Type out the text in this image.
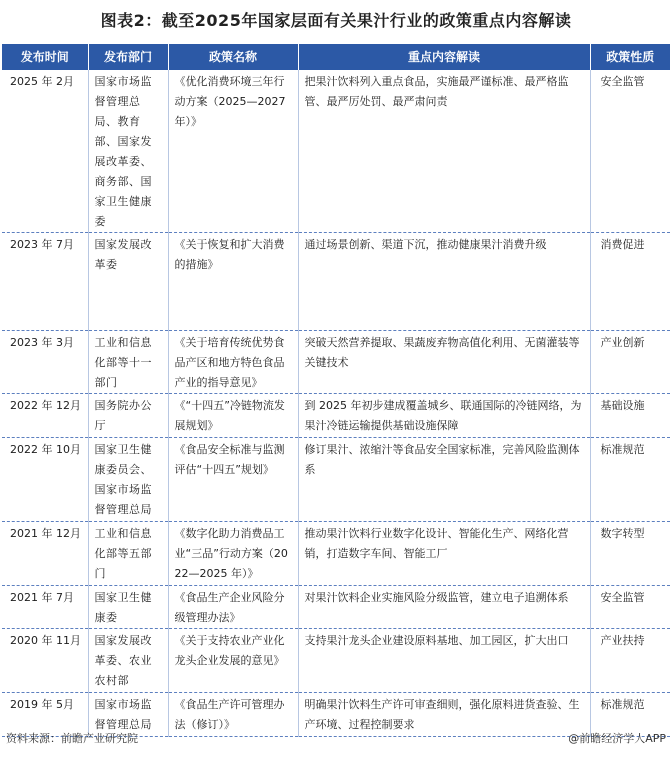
图表2：截至2025年国家层面有关果汁行业的政策重点内容解读
发布时间	发布部门	政策名称	重点内容解读	政策性质
2025 年 2月	国家市场监督管理总局、教育部、国家发展改革委、商务部、国家卫生健康委	《优化消费环境三年行动方案（2025—2027年）》	把果汁饮料列入重点食品，实施最严谨标准、最严格监管、最严厉处罚、最严肃问责	安全监管
2023 年 7月	国家发展改革委	《关于恢复和扩大消费的措施》	通过场景创新、渠道下沉，推动健康果汁消费升级	消费促进
2023 年 3月	工业和信息化部等十一部门	《关于培育传统优势食品产区和地方特色食品产业的指导意见》	突破天然营养提取、果蔬废弃物高值化利用、无菌灌装等关键技术	产业创新
2022 年 12月	国务院办公厅	《“十四五”冷链物流发展规划》	到 2025 年初步建成覆盖城乡、联通国际的冷链网络，为果汁冷链运输提供基础设施保障	基础设施
2022 年 10月	国家卫生健康委员会、国家市场监督管理总局	《食品安全标准与监测评估“十四五”规划》	修订果汁、浓缩汁等食品安全国家标准，完善风险监测体系	标准规范
2021 年 12月	工业和信息化部等五部门	《数字化助力消费品工业“三品”行动方案（2022—2025 年）》	推动果汁饮料行业数字化设计、智能化生产、网络化营销，打造数字车间、智能工厂	数字转型
2021 年 7月	国家卫生健康委	《食品生产企业风险分级管理办法》	对果汁饮料企业实施风险分级监管，建立电子追溯体系	安全监管
2020 年 11月	国家发展改革委、农业农村部	《关于支持农业产业化龙头企业发展的意见》	支持果汁龙头企业建设原料基地、加工园区，扩大出口	产业扶持
2019 年 5月	国家市场监督管理总局	《食品生产许可管理办法（修订）》	明确果汁饮料生产许可审查细则，强化原料进货查验、生产环境、过程控制要求	标准规范
资料来源：前瞻产业研究院	@前瞻经济学人APP
